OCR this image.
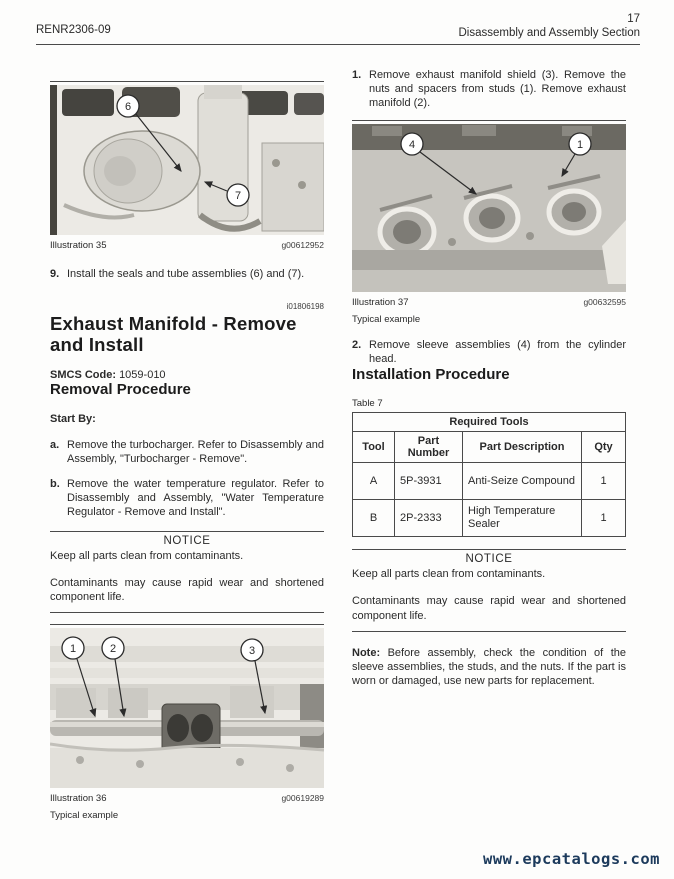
RENR2306-09
17
Disassembly and Assembly Section
6
7
Illustration 35	g00612952

9. Install the seals and tube assemblies (6) and (7).

i01806198
Exhaust Manifold - Remove and Install

SMCS Code: 1059-010

Removal Procedure

Start By:

a. Remove the turbocharger. Refer to Disassembly and Assembly, "Turbocharger - Remove".

b. Remove the water temperature regulator. Refer to Disassembly and Assembly, "Water Temperature Regulator - Remove and Install".

NOTICE

Keep all parts clean from contaminants.

Contaminants may cause rapid wear and shortened component life.

1	2	3
Illustration 36	g00619289
Typical example

1. Remove exhaust manifold shield (3). Remove the nuts and spacers from studs (1). Remove exhaust manifold (2).

4	1
Illustration 37	g00632595
Typical example

2. Remove sleeve assemblies (4) from the cylinder head.

Installation Procedure
Table 7
Required Tools			
Tool	Part Number	Part Description	Qty
A	5P-3931	Anti-Seize Compound	1
B	2P-2333	High Temperature Sealer	1

NOTICE

Keep all parts clean from contaminants.

Contaminants may cause rapid wear and shortened component life.

Note: Before assembly, check the condition of the sleeve assemblies, the studs, and the nuts. If the part is worn or damaged, use new parts for replacement.

www.epcatalogs.com
